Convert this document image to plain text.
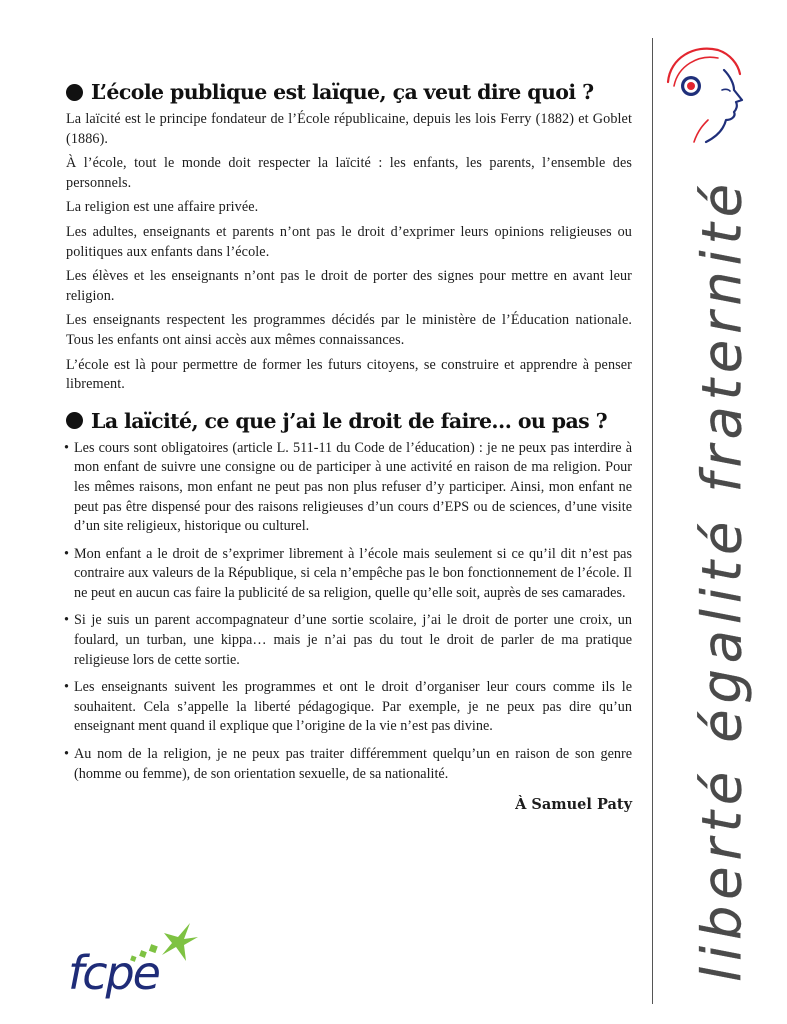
L’école publique est laïque, ça veut dire quoi ?

La laïcité est le principe fondateur de l’École républicaine, depuis les lois Ferry (1882) et Goblet (1886).

À l’école, tout le monde doit respecter la laïcité : les enfants, les parents, l’ensemble des personnels.

La religion est une affaire privée.

Les adultes, enseignants et parents n’ont pas le droit d’exprimer leurs opinions religieuses ou politiques aux enfants dans l’école.

Les élèves et les enseignants n’ont pas le droit de porter des signes pour mettre en avant leur religion.

Les enseignants respectent les programmes décidés par le ministère de l’Éducation nationale. Tous les enfants ont ainsi accès aux mêmes connaissances.

L’école est là pour permettre de former les futurs citoyens, se construire et apprendre à penser librement.

La laïcité, ce que j’ai le droit de faire… ou pas ?
• Les cours sont obligatoires (article L. 511-11 du Code de l’éducation) : je ne peux pas interdire à mon enfant de suivre une consigne ou de participer à une activité en raison de ma religion. Pour les mêmes raisons, mon enfant ne peut pas non plus refuser d’y participer. Ainsi, mon enfant ne peut pas être dispensé pour des raisons religieuses d’un cours d’EPS ou de sciences, d’une visite d’un site religieux, historique ou culturel.
• Mon enfant a le droit de s’exprimer librement à l’école mais seulement si ce qu’il dit n’est pas contraire aux valeurs de la République, si cela n’empêche pas le bon fonctionnement de l’école. Il ne peut en aucun cas faire la publicité de sa religion, quelle qu’elle soit, auprès de ses camarades.
• Si je suis un parent accompagnateur d’une sortie scolaire, j’ai le droit de porter une croix, un foulard, un turban, une kippa… mais je n’ai pas du tout le droit de parler de ma pratique religieuse lors de cette sortie.
• Les enseignants suivent les programmes et ont le droit d’organiser leur cours comme ils le souhaitent. Cela s’appelle la liberté pédagogique. Par exemple, je ne peux pas dire qu’un enseignant ment quand il explique que l’origine de la vie n’est pas divine.
• Au nom de la religion, je ne peux pas traiter différemment quelqu’un en raison de son genre (homme ou femme), de son orientation sexuelle, de sa nationalité.
À Samuel Paty liberté égalité fraternité
fcpe
